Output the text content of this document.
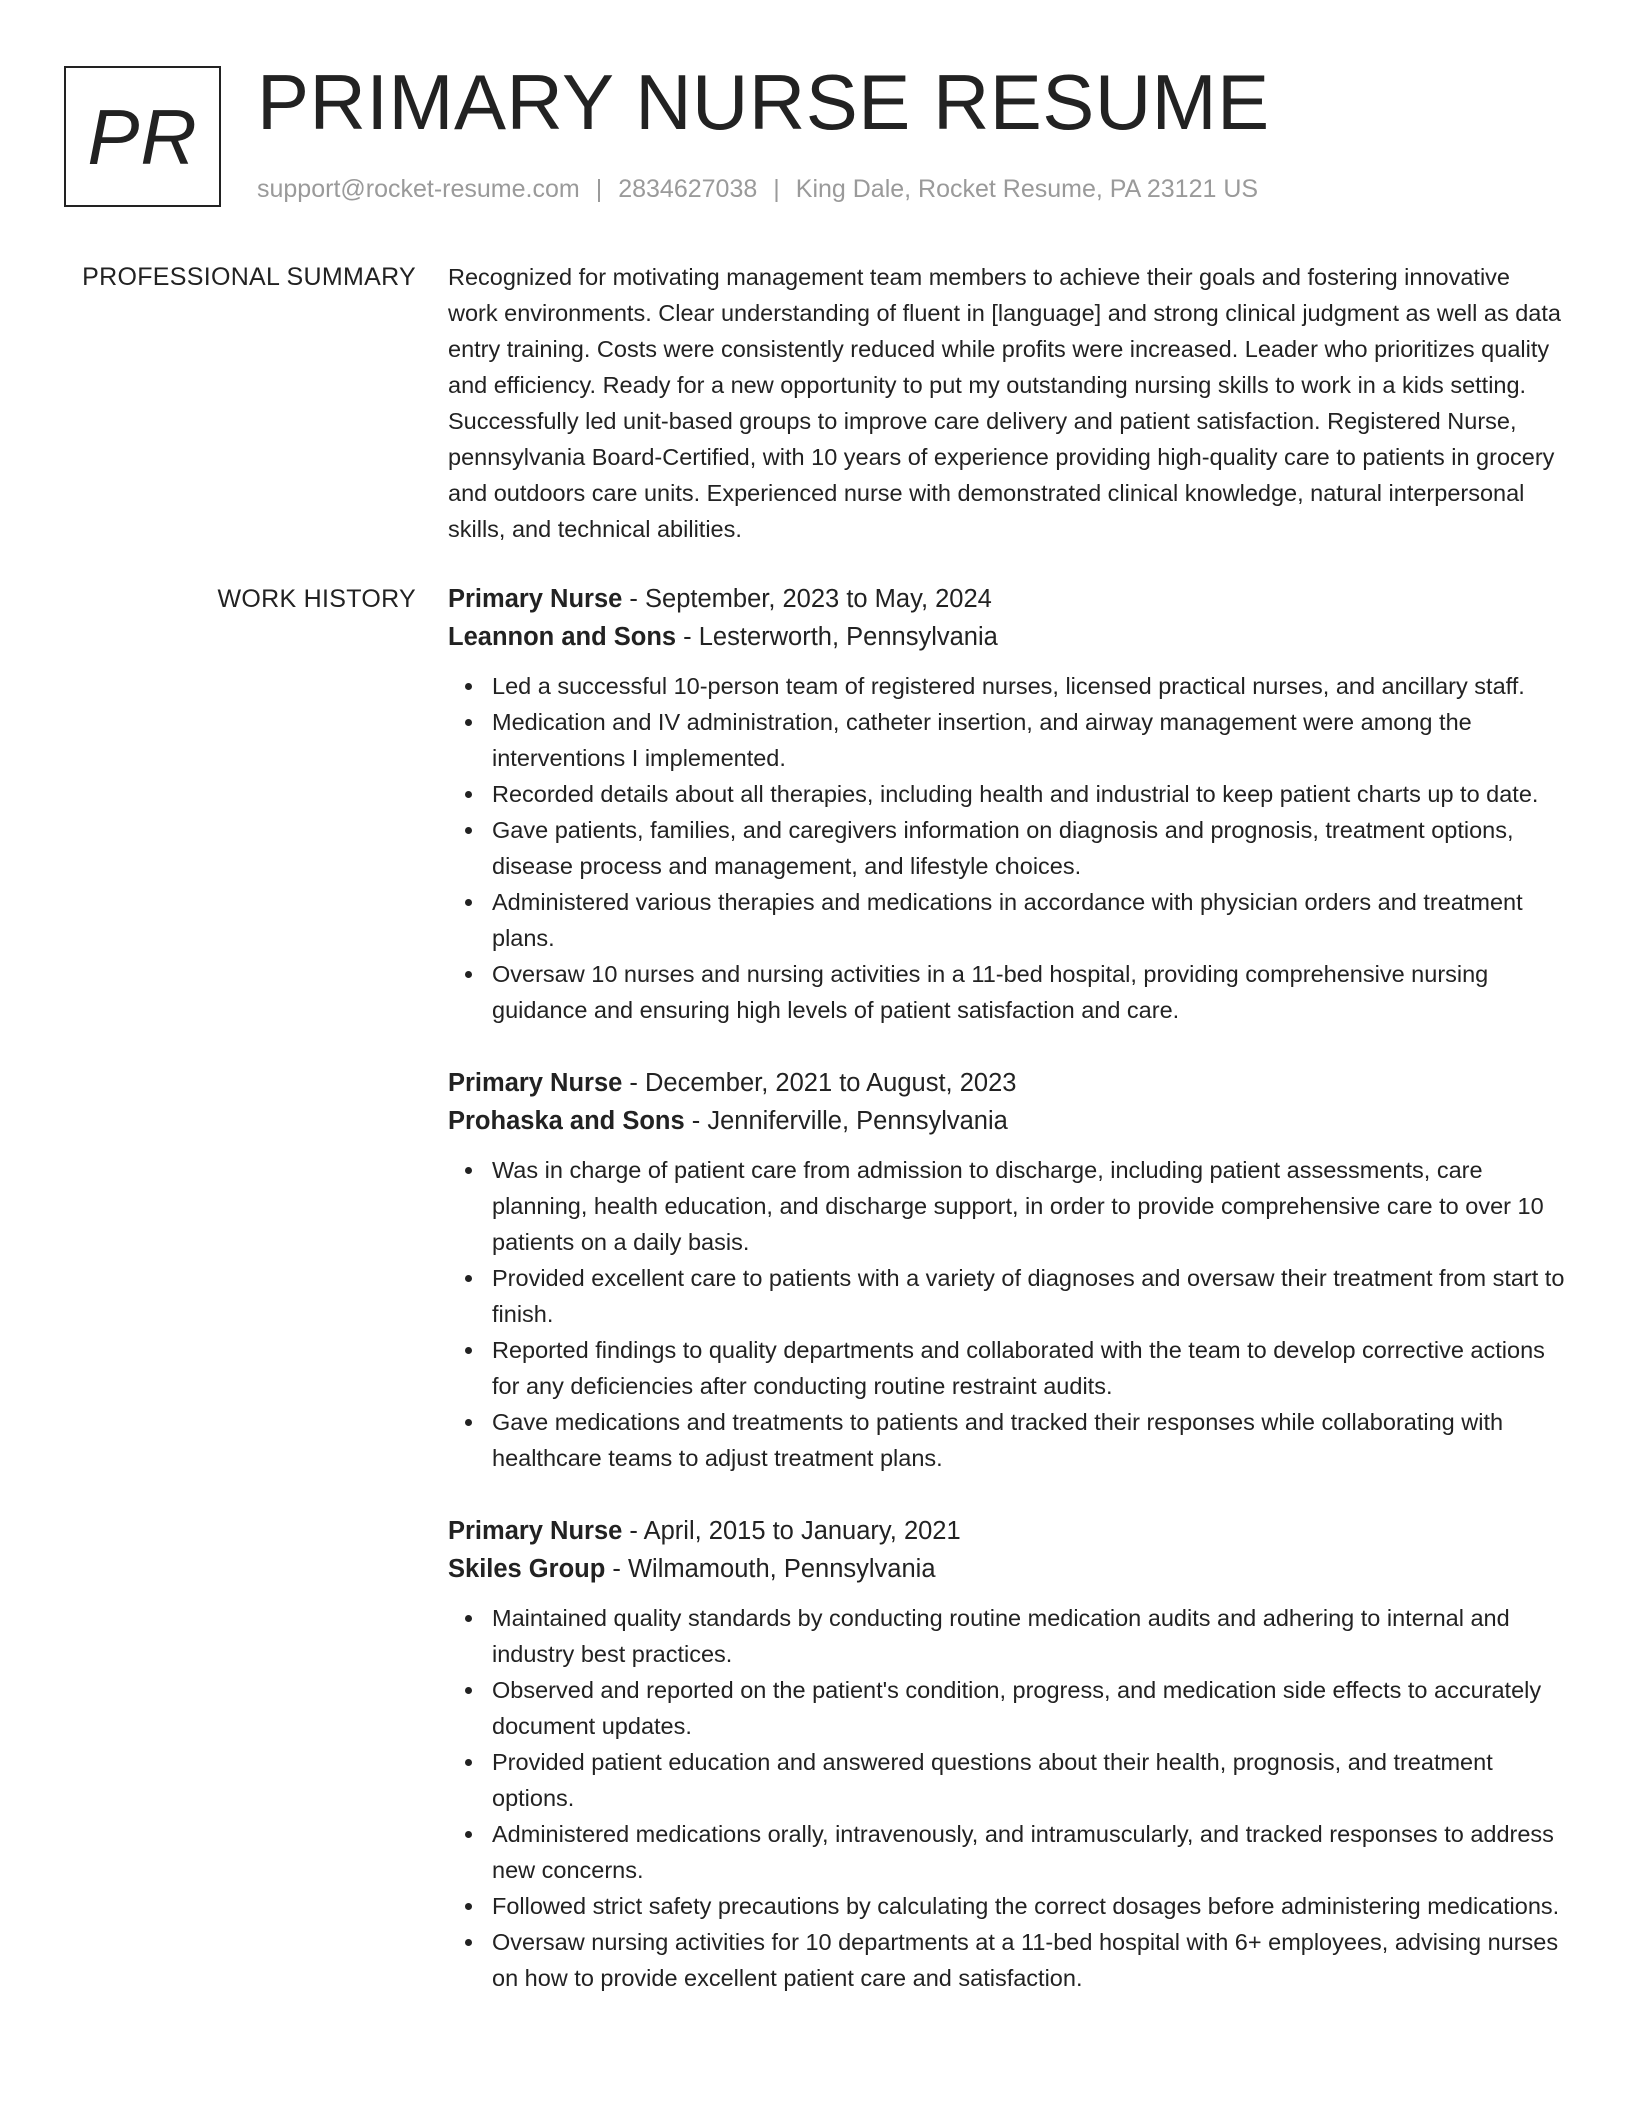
PR PRIMARY NURSE RESUME
support@rocket-resume.com | 2834627038 | King Dale, Rocket Resume, PA 23121 US
PROFESSIONAL SUMMARY Recognized for motivating management team members to achieve their goals and fostering innovative work environments. Clear understanding of fluent in [language] and strong clinical judgment as well as data entry training. Costs were consistently reduced while profits were increased. Leader who prioritizes quality and efficiency. Ready for a new opportunity to put my outstanding nursing skills to work in a kids setting. Successfully led unit-based groups to improve care delivery and patient satisfaction. Registered Nurse, pennsylvania Board-Certified, with 10 years of experience providing high-quality care to patients in grocery and outdoors care units. Experienced nurse with demonstrated clinical knowledge, natural interpersonal skills, and technical abilities.

WORK HISTORY Primary Nurse - September, 2023 to May, 2024
Leannon and Sons - Lesterworth, Pennsylvania
Led a successful 10-person team of registered nurses, licensed practical nurses, and ancillary staff.
Medication and IV administration, catheter insertion, and airway management were among the interventions I implemented.
Recorded details about all therapies, including health and industrial to keep patient charts up to date.
Gave patients, families, and caregivers information on diagnosis and prognosis, treatment options, disease process and management, and lifestyle choices.
Administered various therapies and medications in accordance with physician orders and treatment plans.
Oversaw 10 nurses and nursing activities in a 11-bed hospital, providing comprehensive nursing guidance and ensuring high levels of patient satisfaction and care.
Primary Nurse - December, 2021 to August, 2023
Prohaska and Sons - Jenniferville, Pennsylvania
Was in charge of patient care from admission to discharge, including patient assessments, care planning, health education, and discharge support, in order to provide comprehensive care to over 10 patients on a daily basis.
Provided excellent care to patients with a variety of diagnoses and oversaw their treatment from start to finish.
Reported findings to quality departments and collaborated with the team to develop corrective actions for any deficiencies after conducting routine restraint audits.
Gave medications and treatments to patients and tracked their responses while collaborating with healthcare teams to adjust treatment plans.
Primary Nurse - April, 2015 to January, 2021
Skiles Group - Wilmamouth, Pennsylvania
Maintained quality standards by conducting routine medication audits and adhering to internal and industry best practices.
Observed and reported on the patient's condition, progress, and medication side effects to accurately document updates.
Provided patient education and answered questions about their health, prognosis, and treatment options.
Administered medications orally, intravenously, and intramuscularly, and tracked responses to address new concerns.
Followed strict safety precautions by calculating the correct dosages before administering medications.
Oversaw nursing activities for 10 departments at a 11-bed hospital with 6+ employees, advising nurses on how to provide excellent patient care and satisfaction.
